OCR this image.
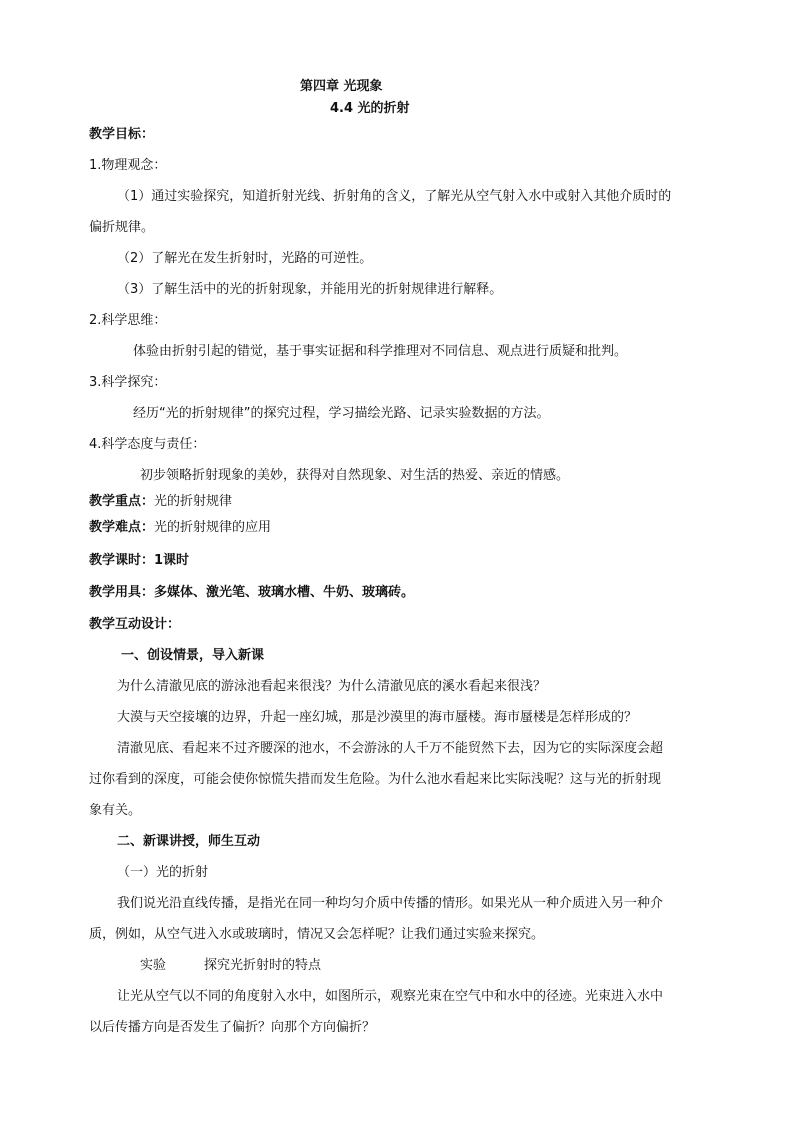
第四章 光现象
4.4 光的折射
教学目标：
1.物理观念：
（1）通过实验探究，知道折射光线、折射角的含义，了解光从空气射入水中或射入其他介质时的
偏折规律。
（2）了解光在发生折射时，光路的可逆性。
（3）了解生活中的光的折射现象，并能用光的折射规律进行解释。
2.科学思维：
体验由折射引起的错觉，基于事实证据和科学推理对不同信息、观点进行质疑和批判。
3.科学探究：
经历“光的折射规律”的探究过程，学习描绘光路、记录实验数据的方法。
4.科学态度与责任：
初步领略折射现象的美妙，获得对自然现象、对生活的热爱、亲近的情感。
教学重点：光的折射规律
教学难点：光的折射规律的应用
教学课时：1课时
教学用具：多媒体、激光笔、玻璃水槽、牛奶、玻璃砖。
教学互动设计：
一、创设情景，导入新课
为什么清澈见底的游泳池看起来很浅？为什么清澈见底的溪水看起来很浅？
大漠与天空接壤的边界，升起一座幻城，那是沙漠里的海市蜃楼。海市蜃楼是怎样形成的？
清澈见底、看起来不过齐腰深的池水，不会游泳的人千万不能贸然下去，因为它的实际深度会超
过你看到的深度，可能会使你惊慌失措而发生危险。为什么池水看起来比实际浅呢？这与光的折射现
象有关。
二、新课讲授，师生互动
（一）光的折射
我们说光沿直线传播，是指光在同一种均匀介质中传播的情形。如果光从一种介质进入另一种介
质，例如，从空气进入水或玻璃时，情况又会怎样呢？让我们通过实验来探究。
实验	探究光折射时的特点
让光从空气以不同的角度射入水中，如图所示，观察光束在空气中和水中的径迹。光束进入水中
以后传播方向是否发生了偏折？向那个方向偏折？
